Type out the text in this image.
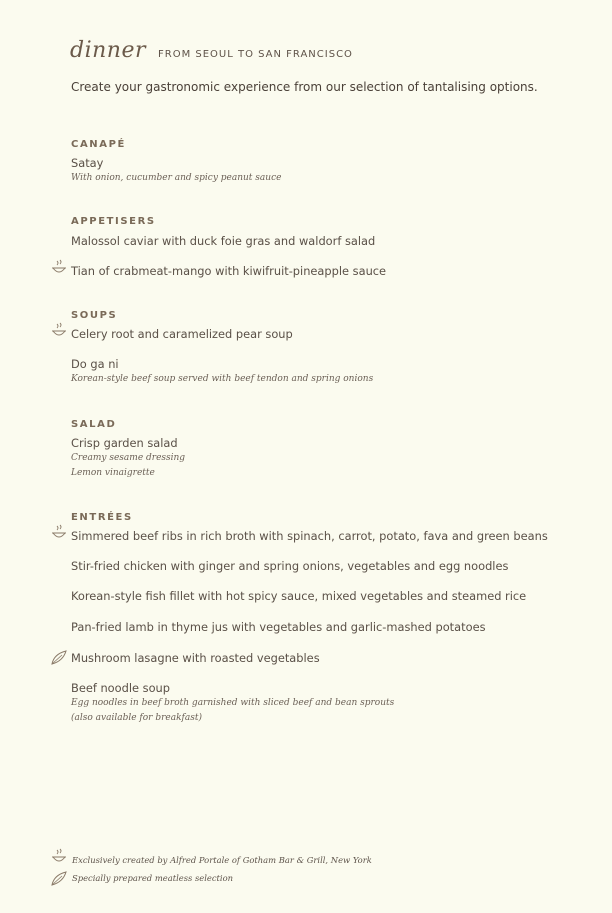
dinner FROM SEOUL TO SAN FRANCISCO
Create your gastronomic experience from our selection of tantalising options.
CANAPÉ
Satay
With onion, cucumber and spicy peanut sauce
APPETISERS
Malossol caviar with duck foie gras and waldorf salad
Tian of crabmeat-mango with kiwifruit-pineapple sauce
SOUPS
Celery root and caramelized pear soup
Do ga ni
Korean-style beef soup served with beef tendon and spring onions
SALAD
Crisp garden salad
Creamy sesame dressing
Lemon vinaigrette
ENTRÉES
Simmered beef ribs in rich broth with spinach, carrot, potato, fava and green beans
Stir-fried chicken with ginger and spring onions, vegetables and egg noodles
Korean-style fish fillet with hot spicy sauce, mixed vegetables and steamed rice
Pan-fried lamb in thyme jus with vegetables and garlic-mashed potatoes
Mushroom lasagne with roasted vegetables
Beef noodle soup
Egg noodles in beef broth garnished with sliced beef and bean sprouts
(also available for breakfast)
Exclusively created by Alfred Portale of Gotham Bar & Grill, New York
Specially prepared meatless selection
